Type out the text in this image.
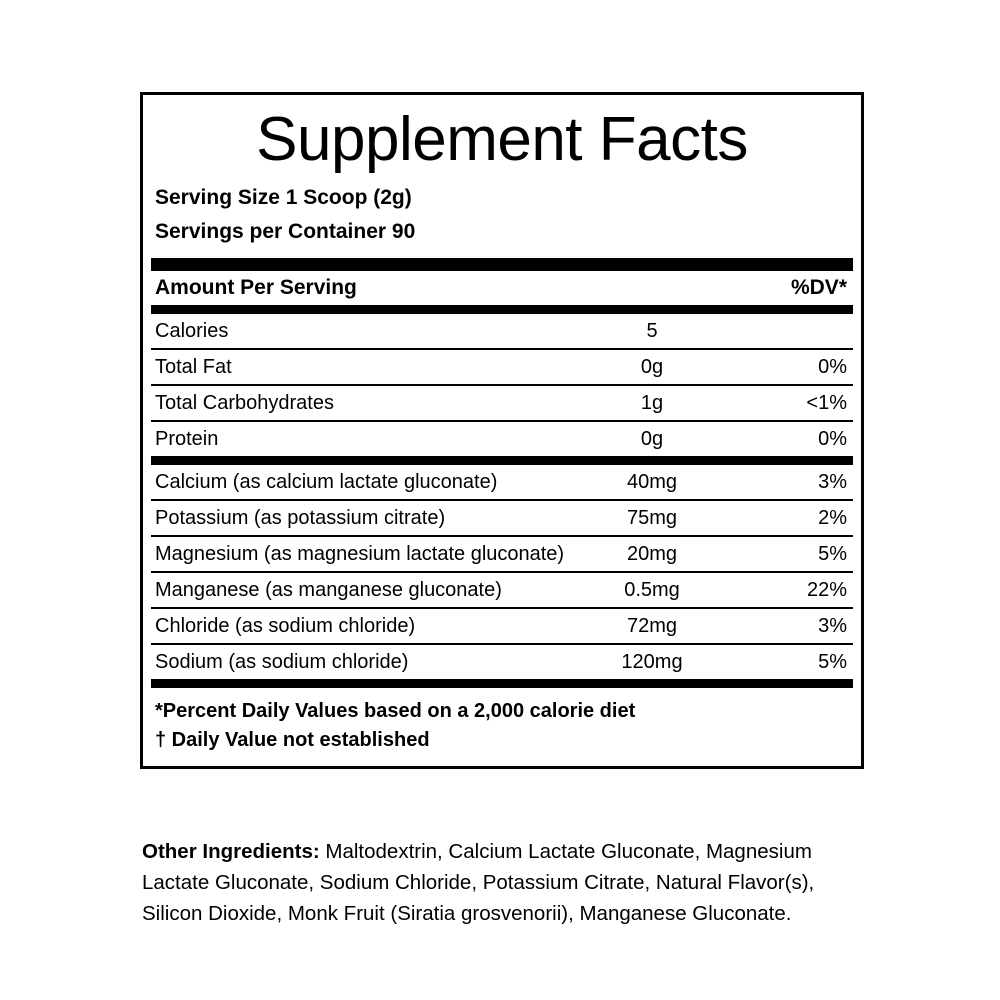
Supplement Facts
Serving Size 1 Scoop (2g)
Servings per Container 90
Amount Per Serving		%DV*
Calories	5	

Total Fat	0g	0%

Total Carbohydrates	1g	<1%

Protein	0g	0%
Calcium (as calcium lactate gluconate)	40mg	3%

Potassium (as potassium citrate)	75mg	2%

Magnesium (as magnesium lactate gluconate)	20mg	5%

Manganese (as manganese gluconate)	0.5mg	22%

Chloride (as sodium chloride)	72mg	3%

Sodium (as sodium chloride)	120mg	5%
*Percent Daily Values based on a 2,000 calorie diet
† Daily Value not established
Other Ingredients: Maltodextrin, Calcium Lactate Gluconate, Magnesium Lactate Gluconate, Sodium Chloride, Potassium Citrate, Natural Flavor(s), Silicon Dioxide, Monk Fruit (Siratia grosvenorii), Manganese Gluconate.
